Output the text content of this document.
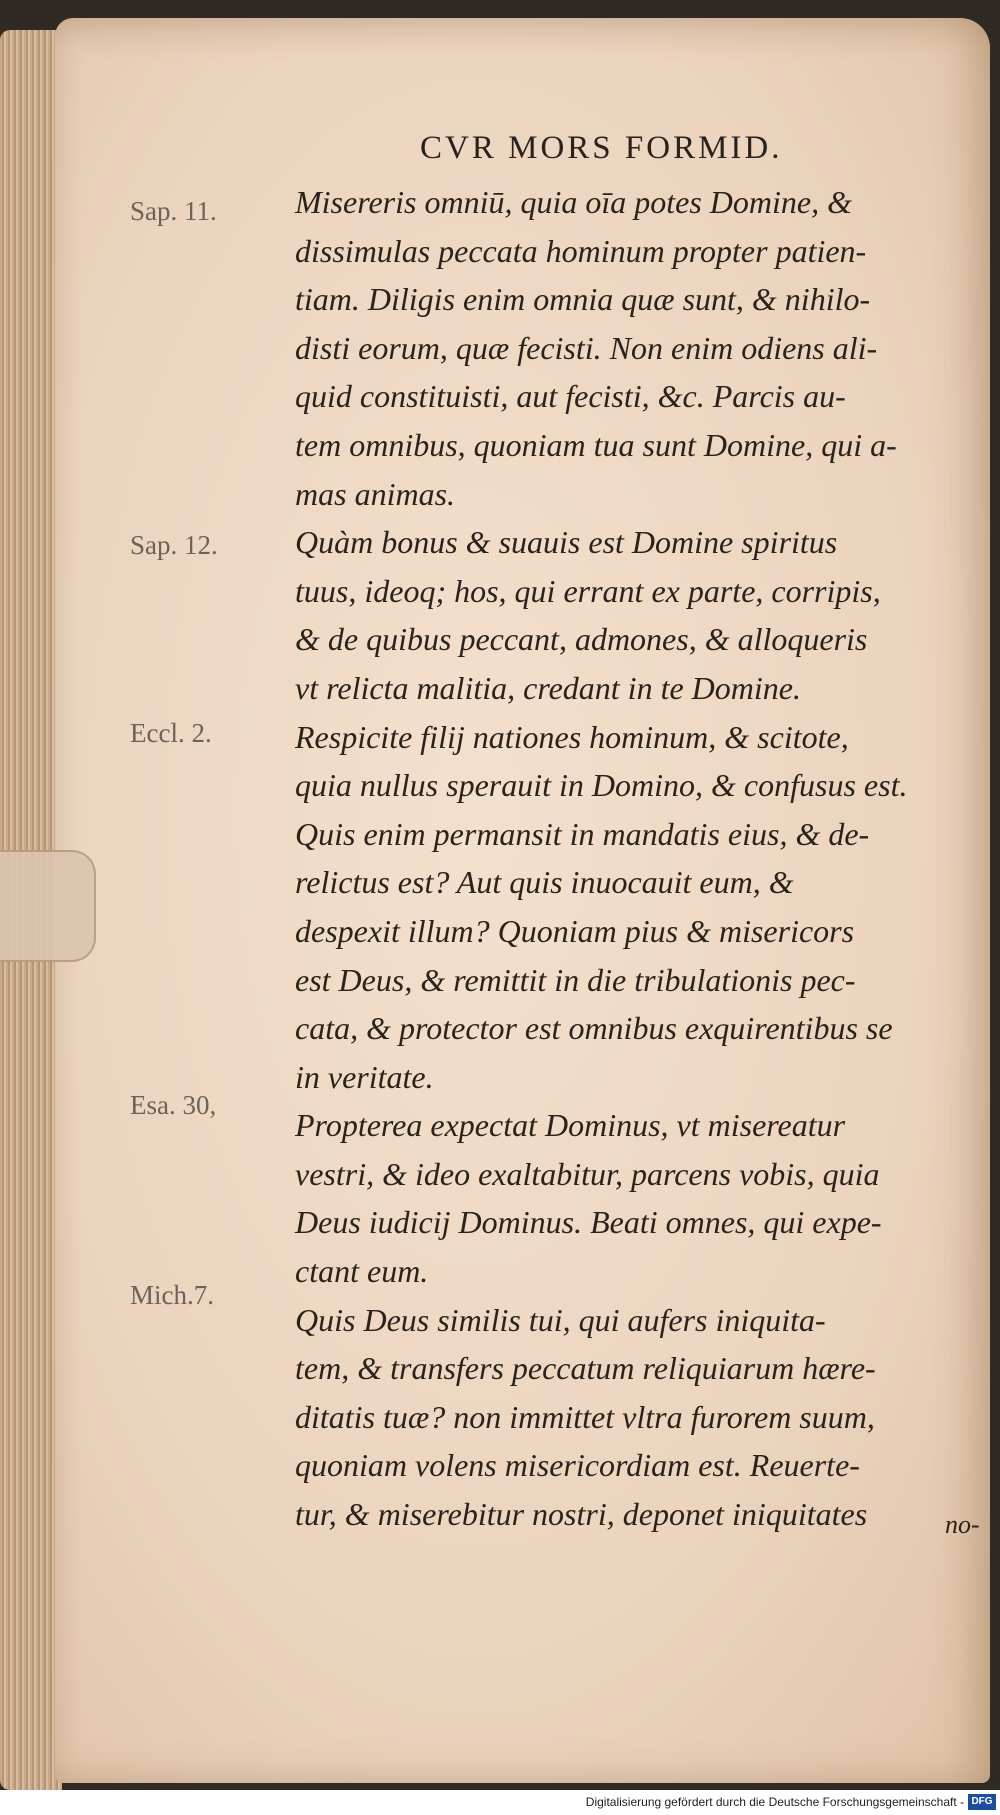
CVR MORS FORMID.
Sap. 11.
Sap. 12.
Eccl. 2.
Esa. 30,
Mich.7.
Misereris omniū, quia oīa potes Domine, &
dissimulas peccata hominum propter patien-
tiam. Diligis enim omnia quæ sunt, & nihilo-
disti eorum, quæ fecisti. Non enim odiens ali-
quid constituisti, aut fecisti, &c. Parcis au-
tem omnibus, quoniam tua sunt Domine, qui a-
mas animas.
Quàm bonus & suauis est Domine spiritus
tuus, ideoq; hos, qui errant ex parte, corripis,
& de quibus peccant, admones, & alloqueris
vt relicta malitia, credant in te Domine.
Respicite filij nationes hominum, & scitote,
quia nullus sperauit in Domino, & confusus est.
Quis enim permansit in mandatis eius, & de-
relictus est? Aut quis inuocauit eum, &
despexit illum? Quoniam pius & misericors
est Deus, & remittit in die tribulationis pec-
cata, & protector est omnibus exquirentibus se
in veritate.
Propterea expectat Dominus, vt misereatur
vestri, & ideo exaltabitur, parcens vobis, quia
Deus iudicij Dominus. Beati omnes, qui expe-
ctant eum.
Quis Deus similis tui, qui aufers iniquita-
tem, & transfers peccatum reliquiarum hære-
ditatis tuæ? non immittet vltra furorem suum,
quoniam volens misericordiam est. Reuerte-
tur, & miserebitur nostri, deponet iniquitates	no-
Digitalisierung gefördert durch die Deutsche Forschungsgemeinschaft - DFG
